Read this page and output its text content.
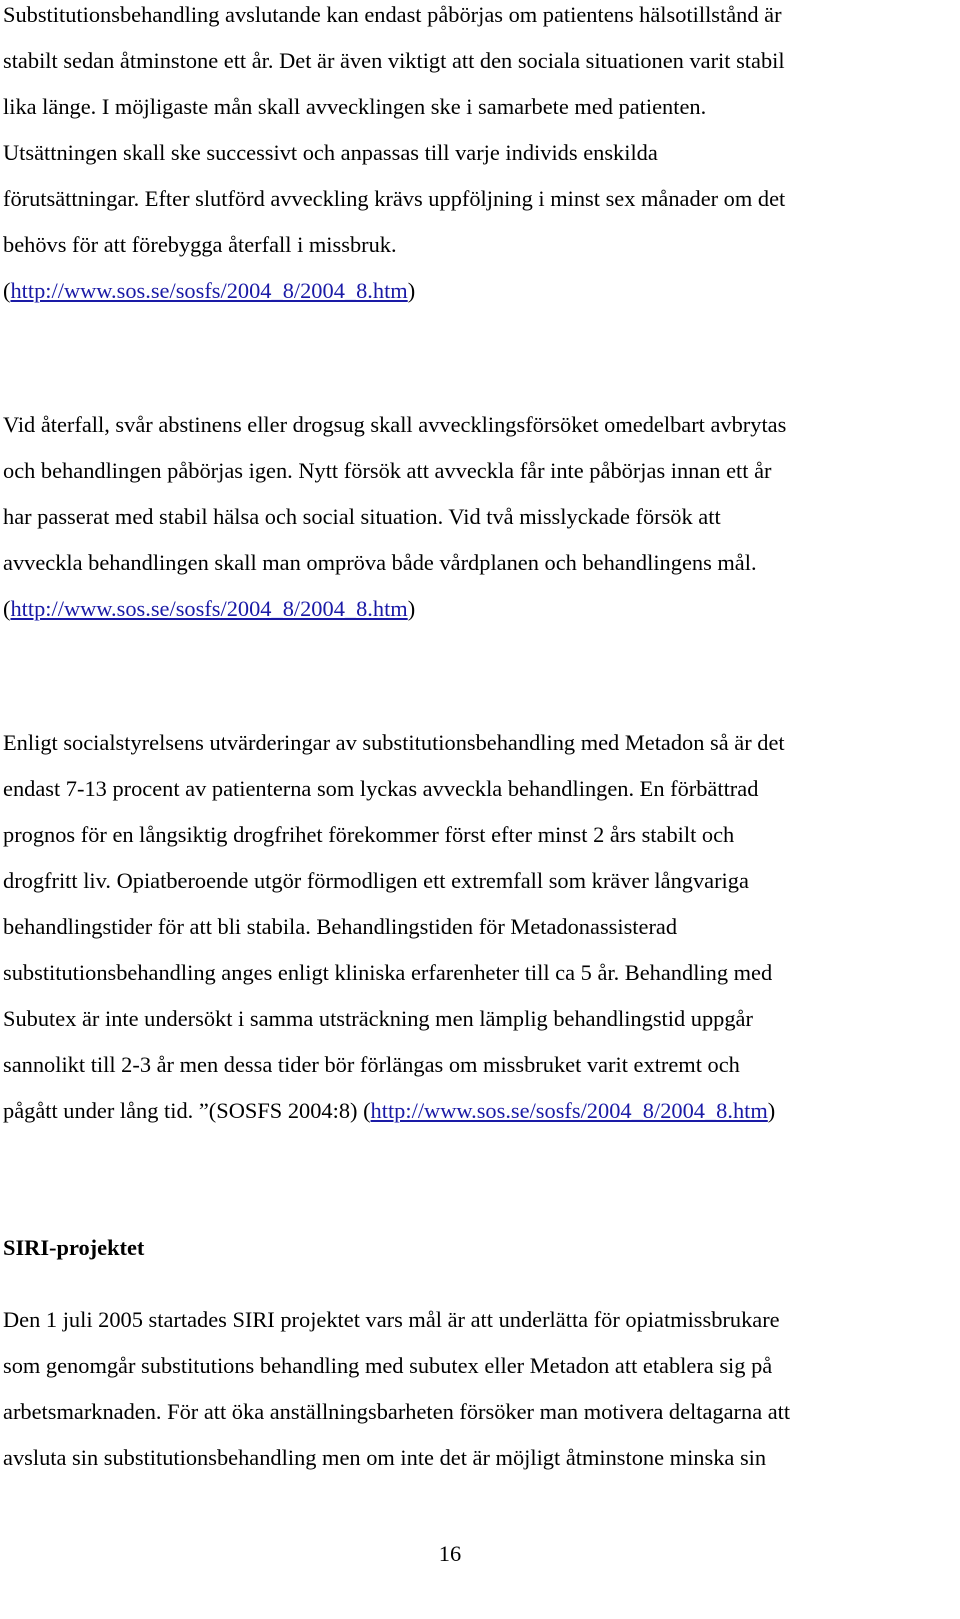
Substitutionsbehandling avslutande kan endast påbörjas om patientens hälsotillstånd är
stabilt sedan åtminstone ett år. Det är även viktigt att den sociala situationen varit stabil
lika länge. I möjligaste mån skall avvecklingen ske i samarbete med patienten.
Utsättningen skall ske successivt och anpassas till varje individs enskilda
förutsättningar. Efter slutförd avveckling krävs uppföljning i minst sex månader om det
behövs för att förebygga återfall i missbruk.
(http://www.sos.se/sosfs/2004_8/2004_8.htm)

Vid återfall, svår abstinens eller drogsug skall avvecklingsförsöket omedelbart avbrytas
och behandlingen påbörjas igen. Nytt försök att avveckla får inte påbörjas innan ett år
har passerat med stabil hälsa och social situation. Vid två misslyckade försök att
avveckla behandlingen skall man ompröva både vårdplanen och behandlingens mål.
(http://www.sos.se/sosfs/2004_8/2004_8.htm)

Enligt socialstyrelsens utvärderingar av substitutionsbehandling med Metadon så är det
endast 7-13 procent av patienterna som lyckas avveckla behandlingen. En förbättrad
prognos för en långsiktig drogfrihet förekommer först efter minst 2 års stabilt och
drogfritt liv. Opiatberoende utgör förmodligen ett extremfall som kräver långvariga
behandlingstider för att bli stabila. Behandlingstiden för Metadonassisterad
substitutionsbehandling anges enligt kliniska erfarenheter till ca 5 år. Behandling med
Subutex är inte undersökt i samma utsträckning men lämplig behandlingstid uppgår
sannolikt till 2-3 år men dessa tider bör förlängas om missbruket varit extremt och
pågått under lång tid. ”(SOSFS 2004:8) (http://www.sos.se/sosfs/2004_8/2004_8.htm)

SIRI-projektet

Den 1 juli 2005 startades SIRI projektet vars mål är att underlätta för opiatmissbrukare
som genomgår substitutions behandling med subutex eller Metadon att etablera sig på
arbetsmarknaden. För att öka anställningsbarheten försöker man motivera deltagarna att
avsluta sin substitutionsbehandling men om inte det är möjligt åtminstone minska sin

16
